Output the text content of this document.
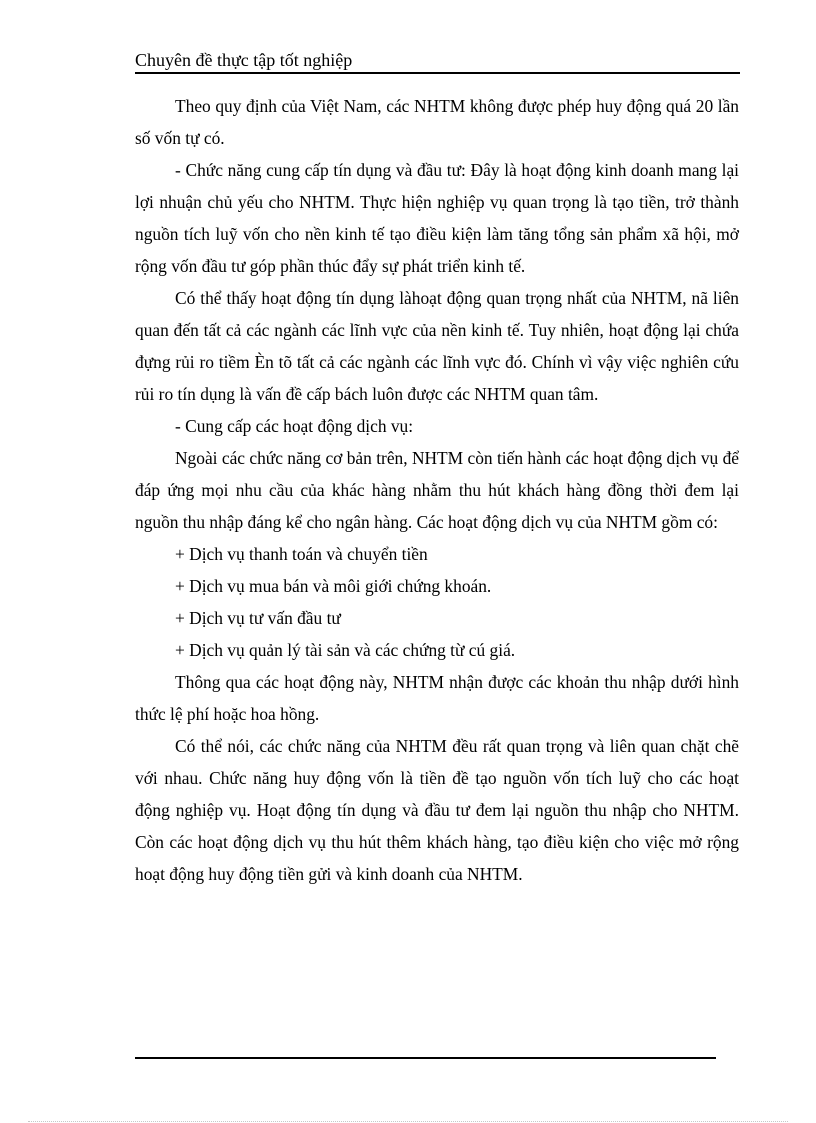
Chuyên đề thực tập tốt nghiệp

Theo quy định của Việt Nam, các NHTM không được phép huy động quá 20 lần số vốn tự có.

- Chức năng cung cấp tín dụng và đầu tư: Đây là hoạt động kinh doanh mang lại lợi nhuận chủ yếu cho NHTM. Thực hiện nghiệp vụ quan trọng là tạo tiền, trở thành nguồn tích luỹ vốn cho nền kinh tế tạo điều kiện làm tăng tổng sản phẩm xã hội, mở rộng vốn đầu tư góp phần thúc đẩy sự phát triển kinh tế.

Có thể thấy hoạt động tín dụng làhoạt động quan trọng nhất của NHTM, nã liên quan đến tất cả các ngành các lĩnh vực của nền kinh tế. Tuy nhiên, hoạt động lại chứa đựng rủi ro tiềm Èn tõ tất cả các ngành các lĩnh vực đó. Chính vì vậy việc nghiên cứu rủi ro tín dụng là vấn đề cấp bách luôn được các NHTM quan tâm.

- Cung cấp các hoạt động dịch vụ:

Ngoài các chức năng cơ bản trên, NHTM còn tiến hành các hoạt động dịch vụ để đáp ứng mọi nhu cầu của khác hàng nhằm thu hút khách hàng đồng thời đem lại nguồn thu nhập đáng kể cho ngân hàng. Các hoạt động dịch vụ của NHTM gồm có:

+ Dịch vụ thanh toán và chuyển tiền

+ Dịch vụ mua bán và môi giới chứng khoán.

+ Dịch vụ tư vấn đầu tư

+ Dịch vụ quản lý tài sản và các chứng từ cú giá.

Thông qua các hoạt động này, NHTM nhận được các khoản thu nhập dưới hình thức lệ phí hoặc hoa hồng.

Có thể nói, các chức năng của NHTM đều rất quan trọng và liên quan chặt chẽ với nhau. Chức năng huy động vốn là tiền đề tạo nguồn vốn tích luỹ cho các hoạt động nghiệp vụ. Hoạt động tín dụng và đầu tư đem lại nguồn thu nhập cho NHTM. Còn các hoạt động dịch vụ thu hút thêm khách hàng, tạo điều kiện cho việc mở rộng hoạt động huy động tiền gửi và kinh doanh của NHTM.
